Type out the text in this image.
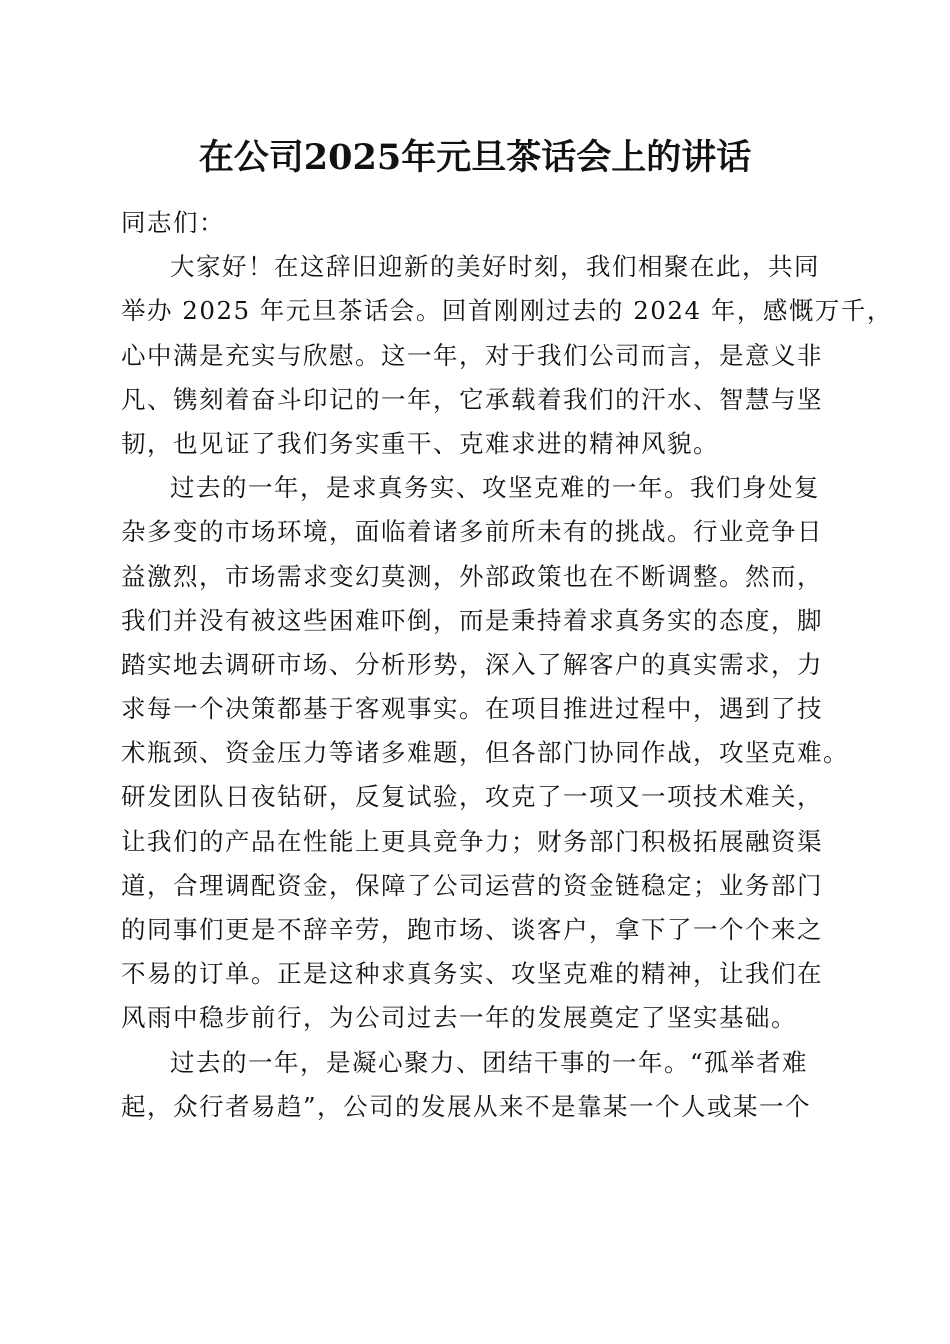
在公司2025年元旦茶话会上的讲话
同志们：
大家好！在这辞旧迎新的美好时刻，我们相聚在此，共同
举办 2025 年元旦茶话会。回首刚刚过去的 2024 年，感慨万千，
心中满是充实与欣慰。这一年，对于我们公司而言，是意义非
凡、镌刻着奋斗印记的一年，它承载着我们的汗水、智慧与坚
韧，也见证了我们务实重干、克难求进的精神风貌。
过去的一年，是求真务实、攻坚克难的一年。我们身处复
杂多变的市场环境，面临着诸多前所未有的挑战。行业竞争日
益激烈，市场需求变幻莫测，外部政策也在不断调整。然而，
我们并没有被这些困难吓倒，而是秉持着求真务实的态度，脚
踏实地去调研市场、分析形势，深入了解客户的真实需求，力
求每一个决策都基于客观事实。在项目推进过程中，遇到了技
术瓶颈、资金压力等诸多难题，但各部门协同作战，攻坚克难。
研发团队日夜钻研，反复试验，攻克了一项又一项技术难关，
让我们的产品在性能上更具竞争力；财务部门积极拓展融资渠
道，合理调配资金，保障了公司运营的资金链稳定；业务部门
的同事们更是不辞辛劳，跑市场、谈客户，拿下了一个个来之
不易的订单。正是这种求真务实、攻坚克难的精神，让我们在
风雨中稳步前行，为公司过去一年的发展奠定了坚实基础。
过去的一年，是凝心聚力、团结干事的一年。“孤举者难
起，众行者易趋”，公司的发展从来不是靠某一个人或某一个
